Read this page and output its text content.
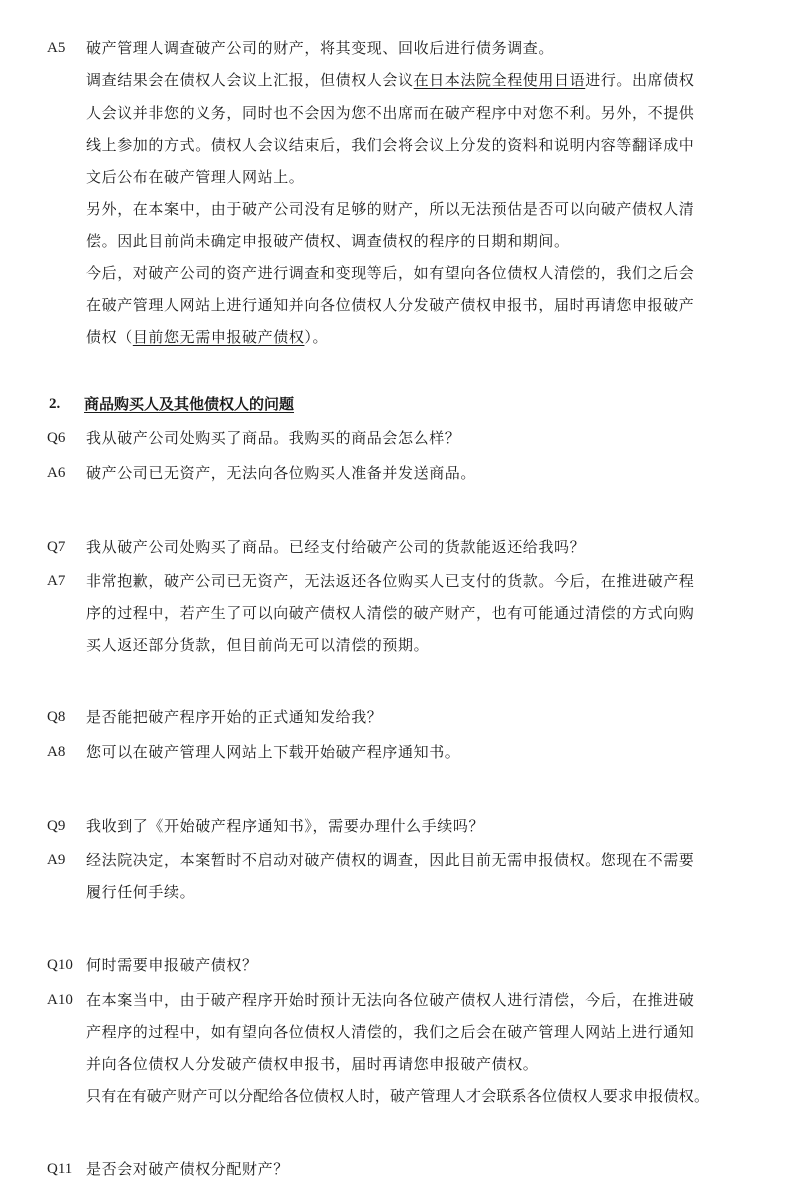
A5 破产管理人调查破产公司的财产，将其变现、回收后进行债务调查。
调查结果会在债权人会议上汇报，但债权人会议在日本法院全程使用日语进行。出席债权
人会议并非您的义务，同时也不会因为您不出席而在破产程序中对您不利。另外，不提供
线上参加的方式。债权人会议结束后，我们会将会议上分发的资料和说明内容等翻译成中
文后公布在破产管理人网站上。
另外，在本案中，由于破产公司没有足够的财产，所以无法预估是否可以向破产债权人清
偿。因此目前尚未确定申报破产债权、调查债权的程序的日期和期间。
今后，对破产公司的资产进行调查和变现等后，如有望向各位债权人清偿的，我们之后会
在破产管理人网站上进行通知并向各位债权人分发破产债权申报书，届时再请您申报破产
债权（目前您无需申报破产债权）。
2. 商品购买人及其他债权人的问题
Q6 我从破产公司处购买了商品。我购买的商品会怎么样？
A6 破产公司已无资产，无法向各位购买人准备并发送商品。
Q7 我从破产公司处购买了商品。已经支付给破产公司的货款能返还给我吗？
A7 非常抱歉，破产公司已无资产，无法返还各位购买人已支付的货款。今后，在推进破产程
序的过程中，若产生了可以向破产债权人清偿的破产财产，也有可能通过清偿的方式向购
买人返还部分货款，但目前尚无可以清偿的预期。
Q8 是否能把破产程序开始的正式通知发给我？
A8 您可以在破产管理人网站上下载开始破产程序通知书。
Q9 我收到了《开始破产程序通知书》，需要办理什么手续吗？
A9 经法院决定，本案暂时不启动对破产债权的调查，因此目前无需申报债权。您现在不需要
履行任何手续。
Q10 何时需要申报破产债权？
A10 在本案当中，由于破产程序开始时预计无法向各位破产债权人进行清偿，今后，在推进破
产程序的过程中，如有望向各位债权人清偿的，我们之后会在破产管理人网站上进行通知
并向各位债权人分发破产债权申报书，届时再请您申报破产债权。
只有在有破产财产可以分配给各位债权人时，破产管理人才会联系各位债权人要求申报债权。
Q11 是否会对破产债权分配财产？
